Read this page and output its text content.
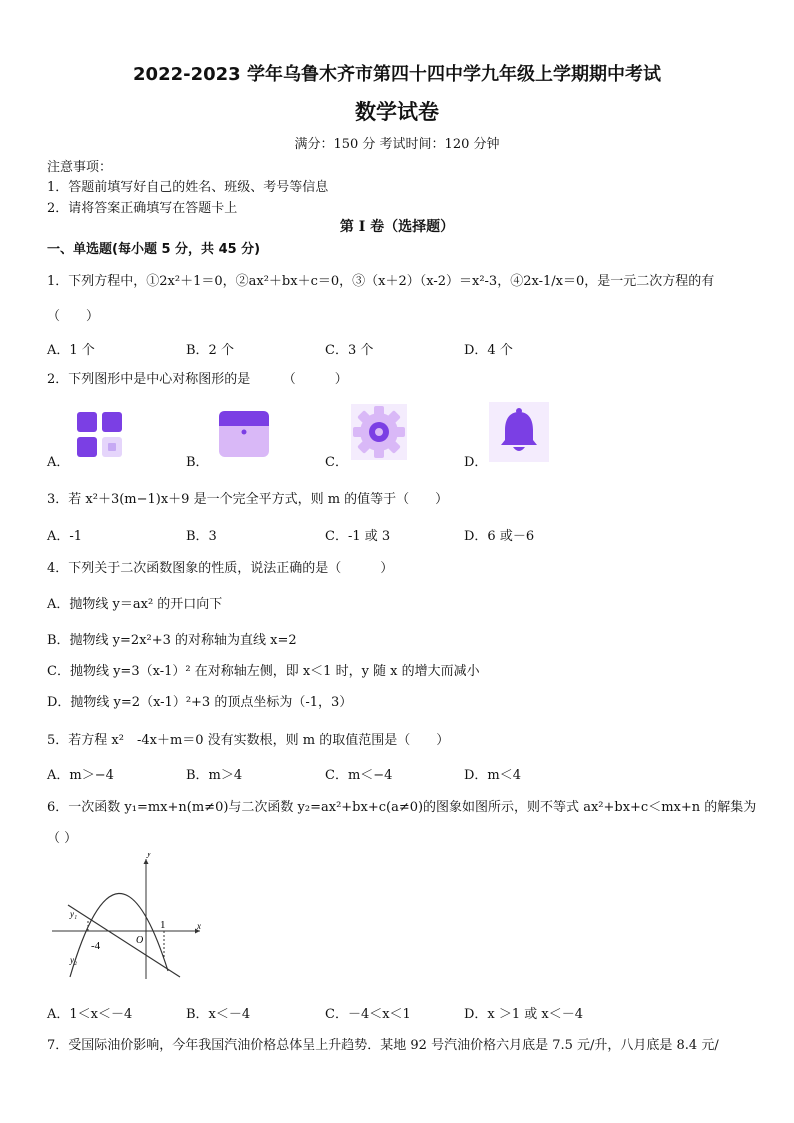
2022-2023 学年乌鲁木齐市第四十四中学九年级上学期期中考试
数学试卷
满分：150 分 考试时间：120 分钟
注意事项：
1．答题前填写好自己的姓名、班级、考号等信息
2．请将答案正确填写在答题卡上
第 I 卷（选择题）
一、单选题(每小题 5 分，共 45 分)
1．下列方程中，①2x²＋1＝0，②ax²＋bx＋c＝0，③（x＋2）（x-2）＝x²-3，④2x-1/x＝0，是一元二次方程的有
（　　）
A．1 个	B．2 个	C．3 个	D．4 个
2．下列图形中是中心对称图形的是　　　（　　　）
A．	B．	C．	D．
3．若 x²＋3(m−1)x＋9 是一个完全平方式，则 m 的值等于（　　）
A．-1	B．3	C．-1 或 3	D．6 或－6
4．下列关于二次函数图象的性质，说法正确的是（　　　）
A．抛物线 y＝ax² 的开口向下
B．抛物线 y=2x²+3 的对称轴为直线 x=2
C．抛物线 y=3（x-1）² 在对称轴左侧，即 x＜1 时，y 随 x 的增大而减小
D．抛物线 y=2（x-1）²+3 的顶点坐标为（-1，3）
5．若方程 x²　-4x＋m＝0 没有实数根，则 m 的取值范围是（　　）
A．m＞−4	B．m＞4	C．m＜−4	D．m＜4
6．一次函数 y₁=mx+n(m≠0)与二次函数 y₂=ax²+bx+c(a≠0)的图象如图所示，则不等式 ax²+bx+c＜mx+n 的解集为
（ ）
y
x
y₁
y₂
-4	O
1
A．1＜x＜－4	B．x＜－4	C．－4＜x＜1	D．x ＞1 或 x＜－4
7．受国际油价影响，今年我国汽油价格总体呈上升趋势．某地 92 号汽油价格六月底是 7.5 元/升，八月底是 8.4 元/
